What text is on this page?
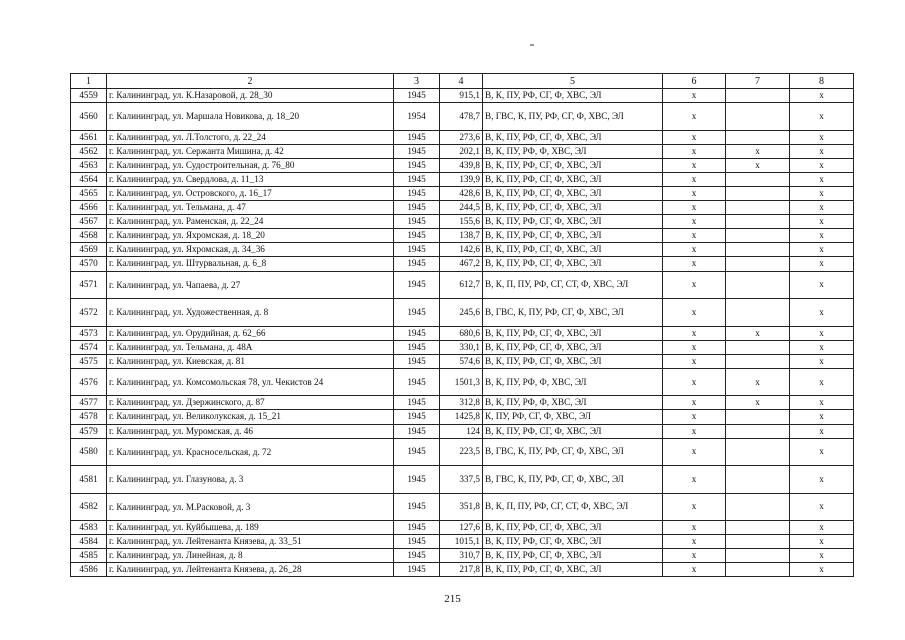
1	2	3	4	5	6	7	8
4559	г. Калининград, ул. К.Назаровой, д. 28_30	1945	915,1	В, К, ПУ, РФ, СГ, Ф, ХВС, ЭЛ	х		х
4560	г. Калининград, ул. Маршала Новикова, д. 18_20	1954	478,7	В, ГВС, К, ПУ, РФ, СГ, Ф, ХВС, ЭЛ	х		х
4561	г. Калининград, ул. Л.Толстого, д. 22_24	1945	273,6	В, К, ПУ, РФ, СГ, Ф, ХВС, ЭЛ	х		х
4562	г. Калининград, ул. Сержанта Мишина, д. 42	1945	202,1	В, К, ПУ, РФ, Ф, ХВС, ЭЛ	х	х	х
4563	г. Калининград, ул. Судостроительная, д. 76_80	1945	439,8	В, К, ПУ, РФ, СГ, Ф, ХВС, ЭЛ	х	х	х
4564	г. Калининград, ул. Свердлова, д. 11_13	1945	139,9	В, К, ПУ, РФ, СГ, Ф, ХВС, ЭЛ	х		х
4565	г. Калининград, ул. Островского, д. 16_17	1945	428,6	В, К, ПУ, РФ, СГ, Ф, ХВС, ЭЛ	х		х
4566	г. Калининград, ул. Тельмана, д. 47	1945	244,5	В, К, ПУ, РФ, СГ, Ф, ХВС, ЭЛ	х		х
4567	г. Калининград, ул. Раменская, д. 22_24	1945	155,6	В, К, ПУ, РФ, СГ, Ф, ХВС, ЭЛ	х		х
4568	г. Калининград, ул. Яхромская, д. 18_20	1945	138,7	В, К, ПУ, РФ, СГ, Ф, ХВС, ЭЛ	х		х
4569	г. Калининград, ул. Яхромская, д. 34_36	1945	142,6	В, К, ПУ, РФ, СГ, Ф, ХВС, ЭЛ	х		х
4570	г. Калининград, ул. Штурвальная, д. 6_8	1945	467,2	В, К, ПУ, РФ, СГ, Ф, ХВС, ЭЛ	х		х
4571	г. Калининград, ул. Чапаева, д. 27	1945	612,7	В, К, П, ПУ, РФ, СГ, СТ, Ф, ХВС, ЭЛ	х		х
4572	г. Калининград, ул. Художественная, д. 8	1945	245,6	В, ГВС, К, ПУ, РФ, СГ, Ф, ХВС, ЭЛ	х		х
4573	г. Калининград, ул. Орудийная, д. 62_66	1945	680,6	В, К, ПУ, РФ, СГ, Ф, ХВС, ЭЛ	х	х	х
4574	г. Калининград, ул. Тельмана, д. 48А	1945	330,1	В, К, ПУ, РФ, СГ, Ф, ХВС, ЭЛ	х		х
4575	г. Калининград, ул. Киевская, д. 81	1945	574,6	В, К, ПУ, РФ, СГ, Ф, ХВС, ЭЛ	х		х
4576	г. Калининград, ул. Комсомольская 78, ул. Чекистов 24	1945	1501,3	В, К, ПУ, РФ, Ф, ХВС, ЭЛ	х	х	х
4577	г. Калининград, ул. Дзержинского, д. 87	1945	312,8	В, К, ПУ, РФ, Ф, ХВС, ЭЛ	х	х	х
4578	г. Калининград, ул. Великолукская, д. 15_21	1945	1425,8	К, ПУ, РФ, СГ, Ф, ХВС, ЭЛ	х		х
4579	г. Калининград, ул. Муромская, д. 46	1945	124	В, К, ПУ, РФ, СГ, Ф, ХВС, ЭЛ	х		х
4580	г. Калининград, ул. Красносельская, д. 72	1945	223,5	В, ГВС, К, ПУ, РФ, СГ, Ф, ХВС, ЭЛ	х		х
4581	г. Калининград, ул. Глазунова, д. 3	1945	337,5	В, ГВС, К, ПУ, РФ, СГ, Ф, ХВС, ЭЛ	х		х
4582	г. Калининград, ул. М.Расковой, д. 3	1945	351,8	В, К, П, ПУ, РФ, СГ, СТ, Ф, ХВС, ЭЛ	х		х
4583	г. Калининград, ул. Куйбышева, д. 189	1945	127,6	В, К, ПУ, РФ, СГ, Ф, ХВС, ЭЛ	х		х
4584	г. Калининград, ул. Лейтенанта Князева, д. 33_51	1945	1015,1	В, К, ПУ, РФ, СГ, Ф, ХВС, ЭЛ	х		х
4585	г. Калининград, ул. Линейная, д. 8	1945	310,7	В, К, ПУ, РФ, СГ, Ф, ХВС, ЭЛ	х		х
4586	г. Калининград, ул. Лейтенанта Князева, д. 26_28	1945	217,8	В, К, ПУ, РФ, СГ, Ф, ХВС, ЭЛ	х		х
215
